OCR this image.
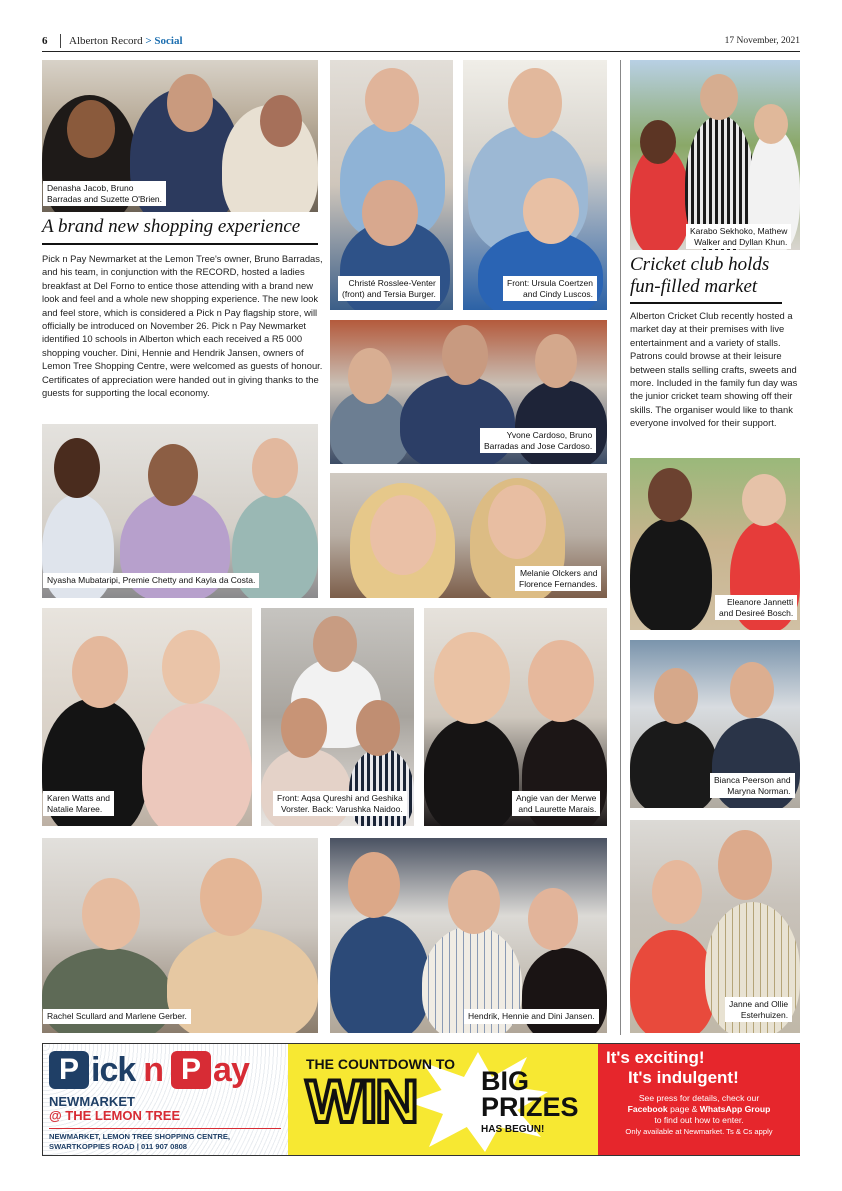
6 Alberton Record > Social	17 November, 2021
Denasha Jacob, Bruno
Barradas and Suzette O'Brien.
A brand new shopping experience
Pick n Pay Newmarket at the Lemon Tree's owner, Bruno Barradas, and his team, in conjunction with the RECORD, hosted a ladies breakfast at Del Forno to entice those attending with a brand new look and feel and a whole new shopping experience. The new look and feel store, which is considered a Pick n Pay flagship store, will officially be introduced on November 26. Pick n Pay Newmarket identified 10 schools in Alberton which each received a R5 000 shopping voucher. Dini, Hennie and Hendrik Jansen, owners of Lemon Tree Shopping Centre, were welcomed as guests of honour. Certificates of appreciation were handed out in giving thanks to the guests for supporting the local economy.
Christé Rosslee-Venter
(front) and Tersia Burger.
Front: Ursula Coertzen
and Cindy Luscos.
Karabo Sekhoko, Mathew
Walker and Dyllan Khun.
Cricket club holds
fun-filled market
Alberton Cricket Club recently hosted a market day at their premises with live entertainment and a variety of stalls. Patrons could browse at their leisure between stalls selling crafts, sweets and more. Included in the family fun day was the junior cricket team showing off their skills. The organiser would like to thank everyone involved for their support.
Yvone Cardoso, Bruno
Barradas and Jose Cardoso.
Nyasha Mubataripi, Premie Chetty and Kayla da Costa.
Melanie Olckers and
Florence Fernandes.
Eleanore Jannetti
and Desireé Bosch.
Karen Watts and
Natalie Maree.
Front: Aqsa Qureshi and Geshika
Vorster. Back: Varushka Naidoo.
Angie van der Merwe
and Laurette Marais.
Bianca Peerson and
Maryna Norman.
Rachel Scullard and Marlene Gerber.	Hendrik, Hennie and Dini Jansen.
Janne and Ollie
Esterhuizen.
P ick n P ay
NEWMARKET
@ THE LEMON TREE
NEWMARKET, LEMON TREE SHOPPING CENTRE,
SWARTKOPPIES ROAD | 011 907 0808
THE COUNTDOWN TO
WIN BIG
PRIZES
HAS BEGUN!
It's exciting!
It's indulgent!
See press for details, check our
Facebook page & WhatsApp Group
to find out how to enter.
Only available at Newmarket. Ts & Cs apply
